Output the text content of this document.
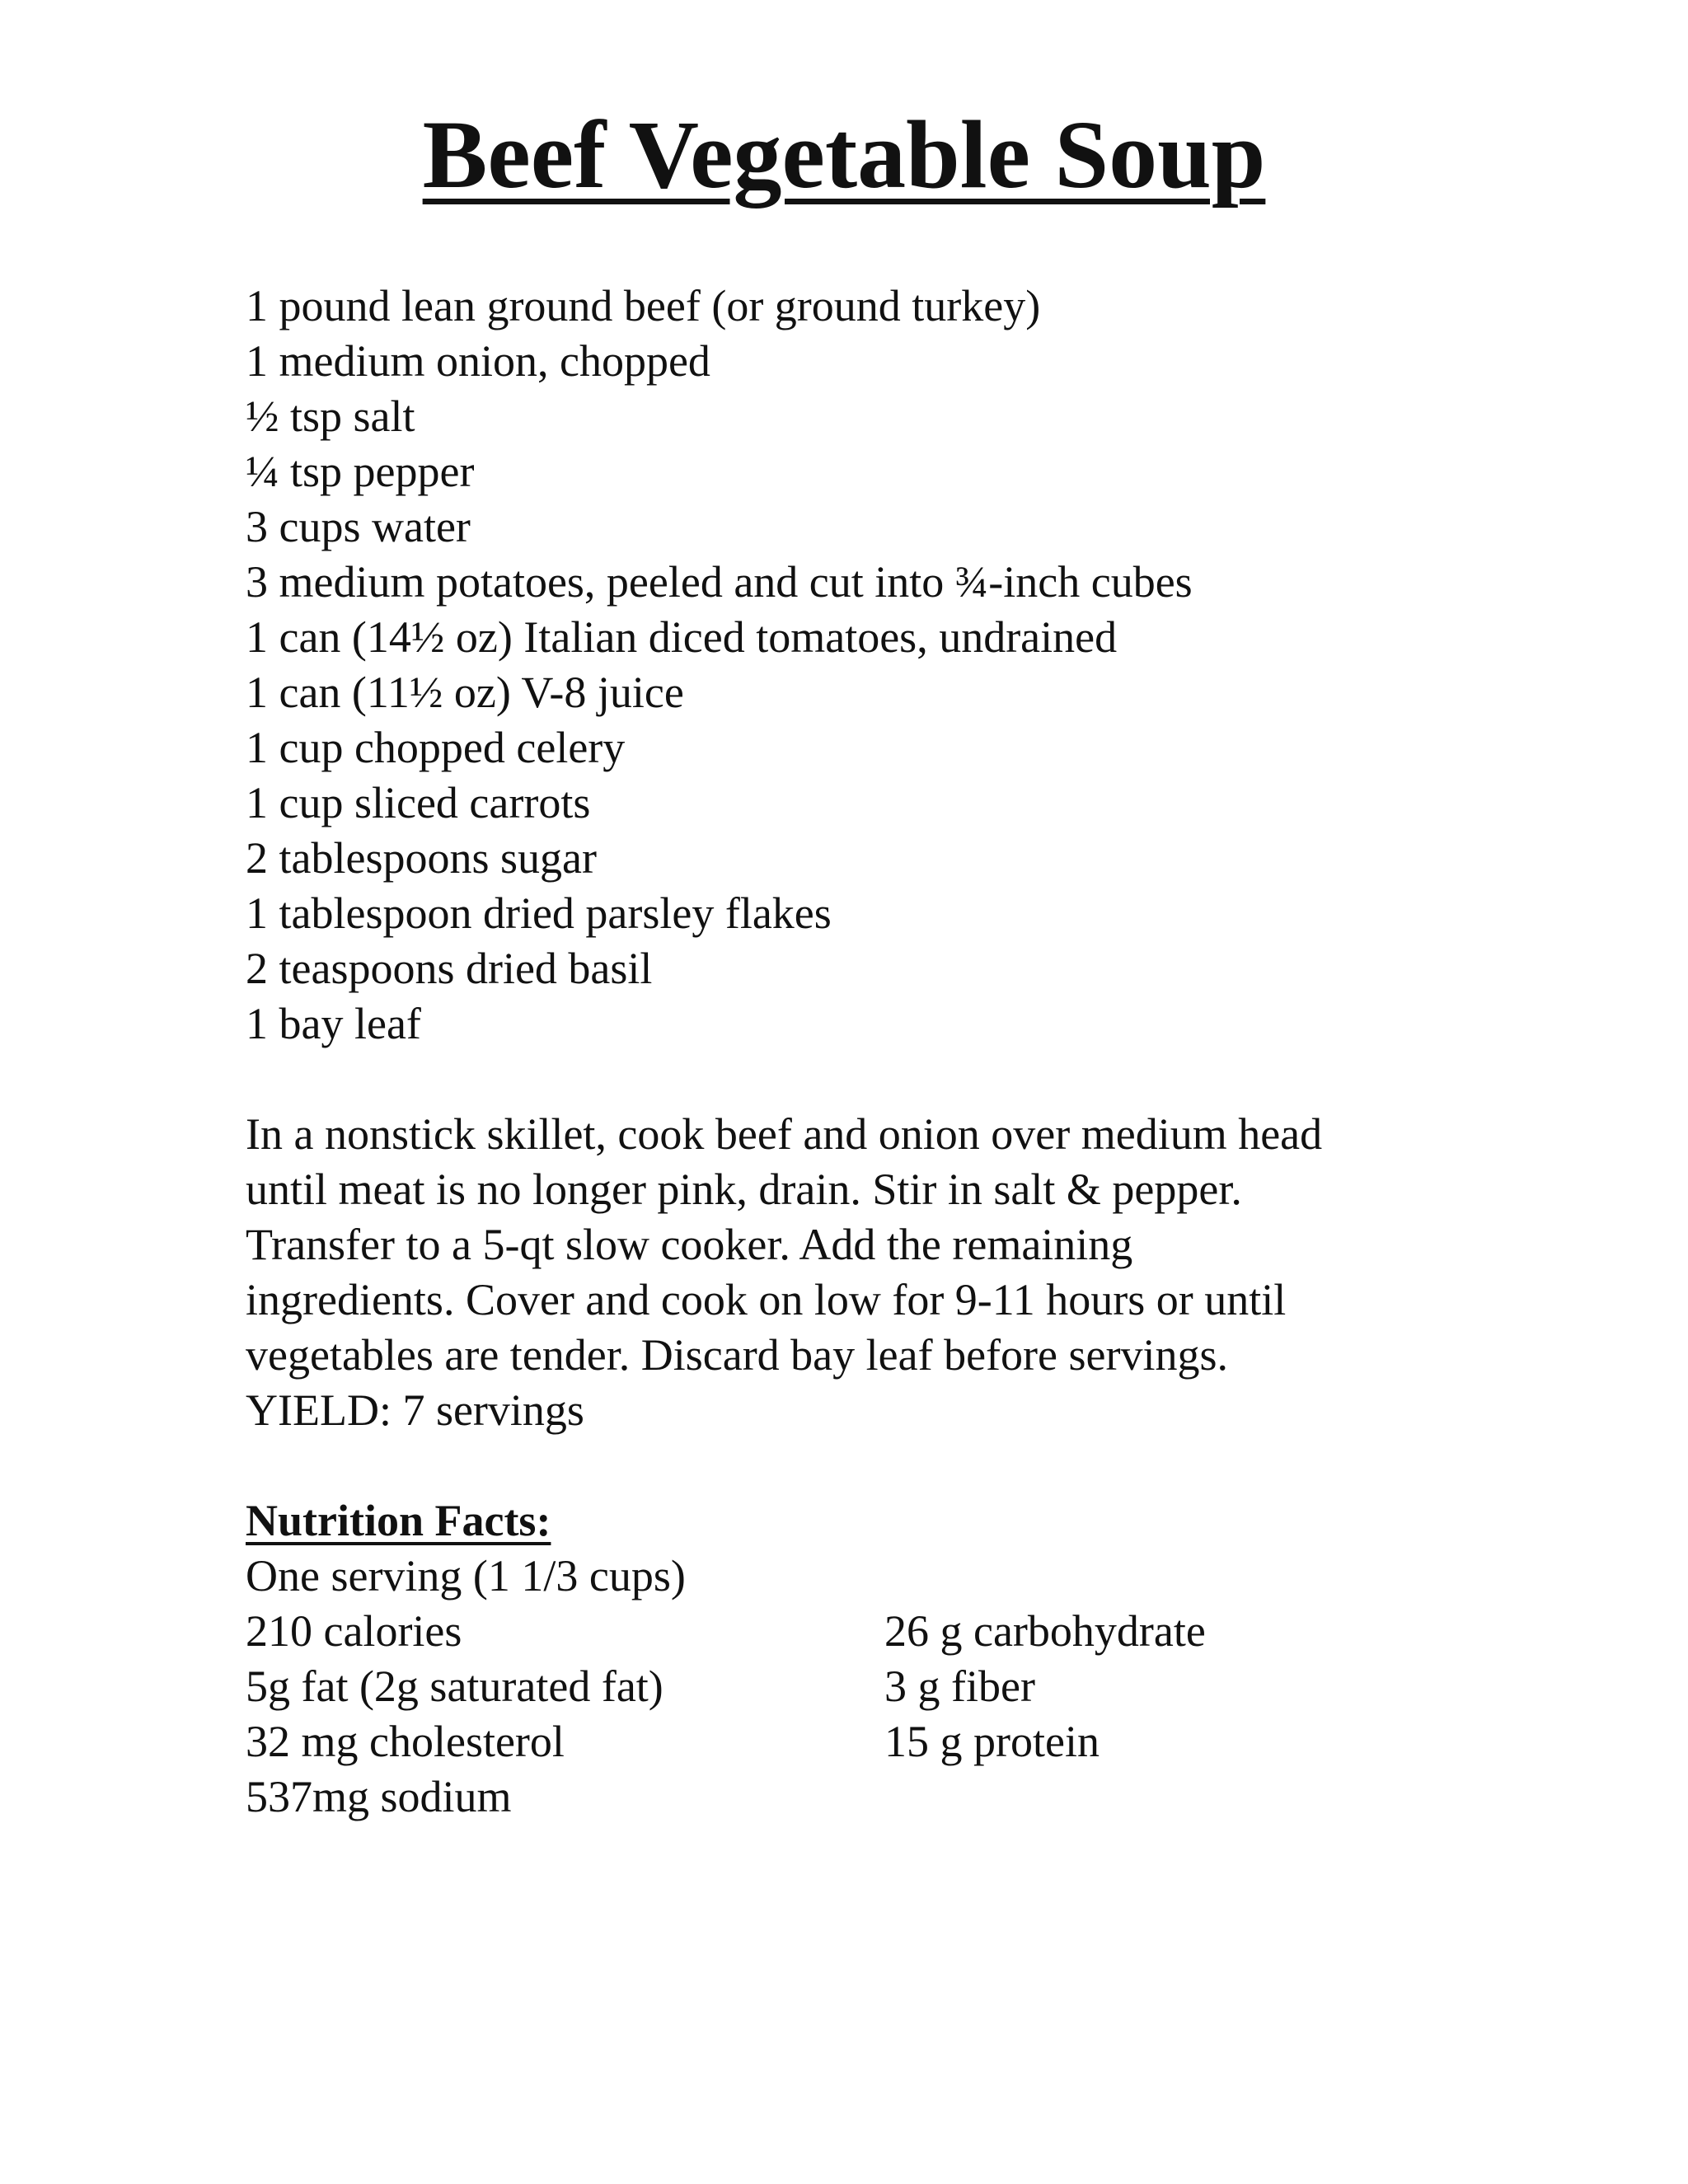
Beef Vegetable Soup
1 pound lean ground beef (or ground turkey)
1 medium onion, chopped
½ tsp salt
¼ tsp pepper
3 cups water
3 medium potatoes, peeled and cut into ¾-inch cubes
1 can (14½ oz) Italian diced tomatoes, undrained
1 can (11½ oz) V-8 juice
1 cup chopped celery
1 cup sliced carrots
2 tablespoons sugar
1 tablespoon dried parsley flakes
2 teaspoons dried basil
1 bay leaf

In a nonstick skillet, cook beef and onion over medium head

until meat is no longer pink, drain. Stir in salt & pepper.

Transfer to a 5-qt slow cooker. Add the remaining

ingredients. Cover and cook on low for 9-11 hours or until

vegetables are tender. Discard bay leaf before servings.

YIELD: 7 servings

Nutrition Facts:
One serving (1 1/3 cups)
210 calories	26 g carbohydrate
5g fat (2g saturated fat)	3 g fiber
32 mg cholesterol	15 g protein
537mg sodium
